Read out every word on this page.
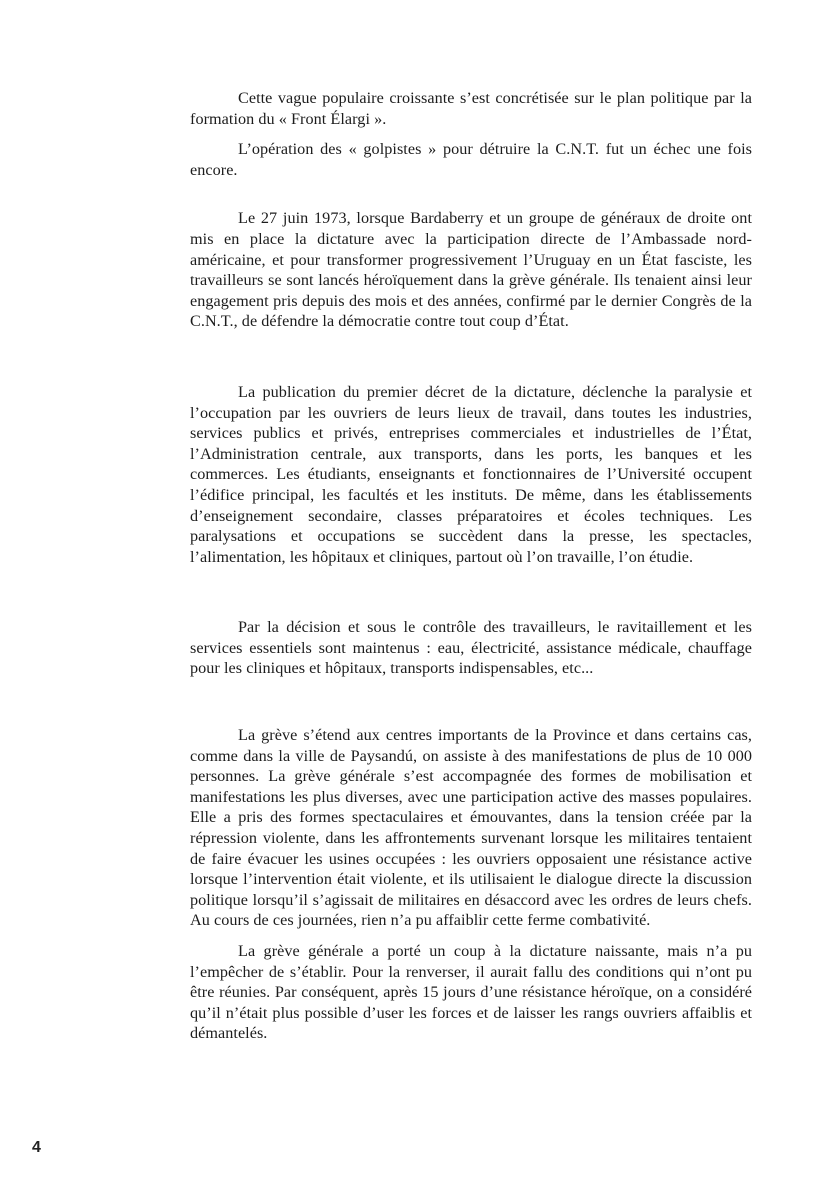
Cette vague populaire croissante s’est concrétisée sur le plan politique par la formation du « Front Élargi ».

L’opération des « golpistes » pour détruire la C.N.T. fut un échec une fois encore.

Le 27 juin 1973, lorsque Bardaberry et un groupe de généraux de droite ont mis en place la dictature avec la participation directe de l’Ambassade nord-américaine, et pour transformer progressivement l’Uruguay en un État fasciste, les travailleurs se sont lancés héroïquement dans la grève générale. Ils tenaient ainsi leur engagement pris depuis des mois et des années, confirmé par le dernier Congrès de la C.N.T., de défendre la démocratie contre tout coup d’État.

La publication du premier décret de la dictature, déclenche la paralysie et l’occupation par les ouvriers de leurs lieux de travail, dans toutes les industries, services publics et privés, entreprises commerciales et industrielles de l’État, l’Administration centrale, aux transports, dans les ports, les banques et les commerces. Les étudiants, enseignants et fonctionnaires de l’Université occupent l’édifice principal, les facultés et les instituts. De même, dans les établissements d’enseignement secondaire, classes préparatoires et écoles techniques. Les paralysations et occupations se succèdent dans la presse, les spectacles, l’alimentation, les hôpitaux et cliniques, partout où l’on travaille, l’on étudie.

Par la décision et sous le contrôle des travailleurs, le ravitaillement et les services essentiels sont maintenus : eau, électricité, assistance médicale, chauffage pour les cliniques et hôpitaux, transports indispensables, etc...

La grève s’étend aux centres importants de la Province et dans certains cas, comme dans la ville de Paysandú, on assiste à des manifestations de plus de 10 000 personnes. La grève générale s’est accompagnée des formes de mobilisation et manifestations les plus diverses, avec une participation active des masses populaires. Elle a pris des formes spectaculaires et émouvantes, dans la tension créée par la répression violente, dans les affrontements survenant lorsque les militaires tentaient de faire évacuer les usines occupées : les ouvriers opposaient une résistance active lorsque l’intervention était violente, et ils utilisaient le dialogue directe la discussion politique lorsqu’il s’agissait de militaires en désaccord avec les ordres de leurs chefs. Au cours de ces journées, rien n’a pu affaiblir cette ferme combativité.

La grève générale a porté un coup à la dictature naissante, mais n’a pu l’empêcher de s’établir. Pour la renverser, il aurait fallu des conditions qui n’ont pu être réunies. Par conséquent, après 15 jours d’une résistance héroïque, on a considéré qu’il n’était plus possible d’user les forces et de laisser les rangs ouvriers affaiblis et démantelés.

4
